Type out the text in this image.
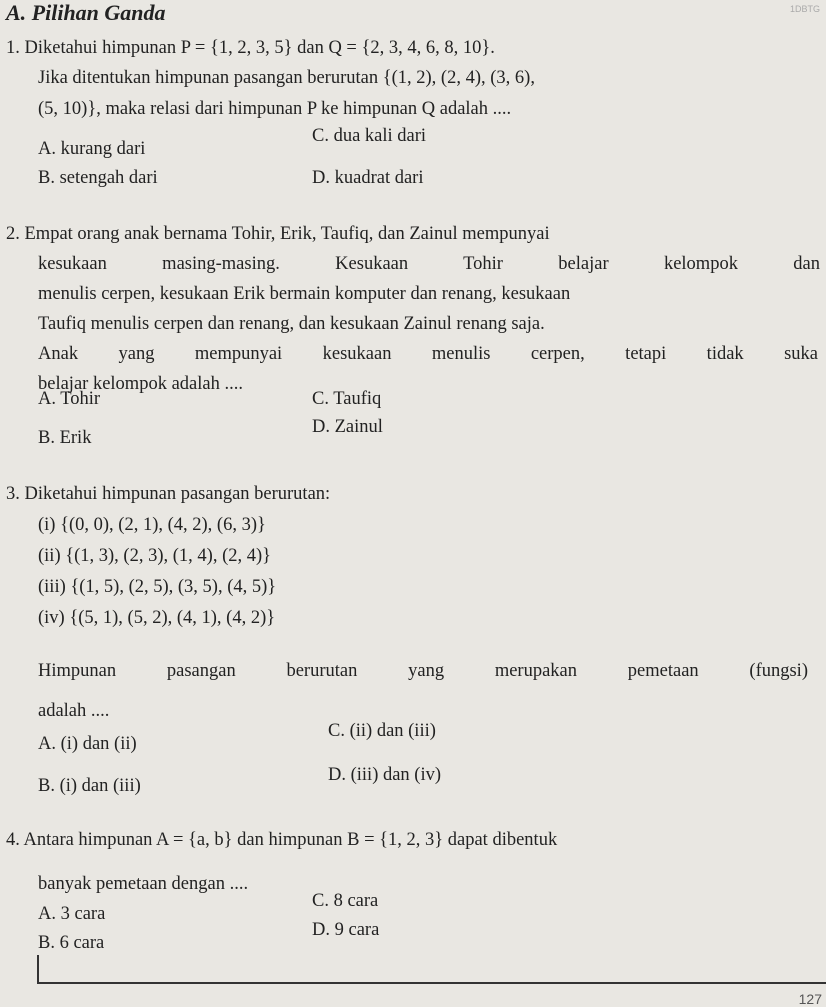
A. Pilihan Ganda	1DBTG
1. Diketahui himpunan P = {1, 2, 3, 5} dan Q = {2, 3, 4, 6, 8, 10}.
Jika ditentukan himpunan pasangan berurutan {(1, 2), (2, 4), (3, 6),
(5, 10)}, maka relasi dari himpunan P ke himpunan Q adalah ....
A. kurang dari
C. dua kali dari
B. setengah dari	D. kuadrat dari
2. Empat orang anak bernama Tohir, Erik, Taufiq, dan Zainul mempunyai
kesukaan masing-masing. Kesukaan Tohir belajar kelompok dan
menulis cerpen, kesukaan Erik bermain komputer dan renang, kesukaan
Taufiq menulis cerpen dan renang, dan kesukaan Zainul renang saja.
Anak yang mempunyai kesukaan menulis cerpen, tetapi tidak suka
belajar kelompok adalah ....
A. Tohir	C. Taufiq
B. Erik
D. Zainul
3. Diketahui himpunan pasangan berurutan:
(i) {(0, 0), (2, 1), (4, 2), (6, 3)}
(ii) {(1, 3), (2, 3), (1, 4), (2, 4)}
(iii) {(1, 5), (2, 5), (3, 5), (4, 5)}
(iv) {(5, 1), (5, 2), (4, 1), (4, 2)}
Himpunan pasangan berurutan yang merupakan pemetaan (fungsi)
adalah ....
A. (i) dan (ii)
C. (ii) dan (iii)
B. (i) dan (iii)
D. (iii) dan (iv)
4. Antara himpunan A = {a, b} dan himpunan B = {1, 2, 3} dapat dibentuk
banyak pemetaan dengan ....
A. 3 cara
C. 8 cara
B. 6 cara
D. 9 cara
127
